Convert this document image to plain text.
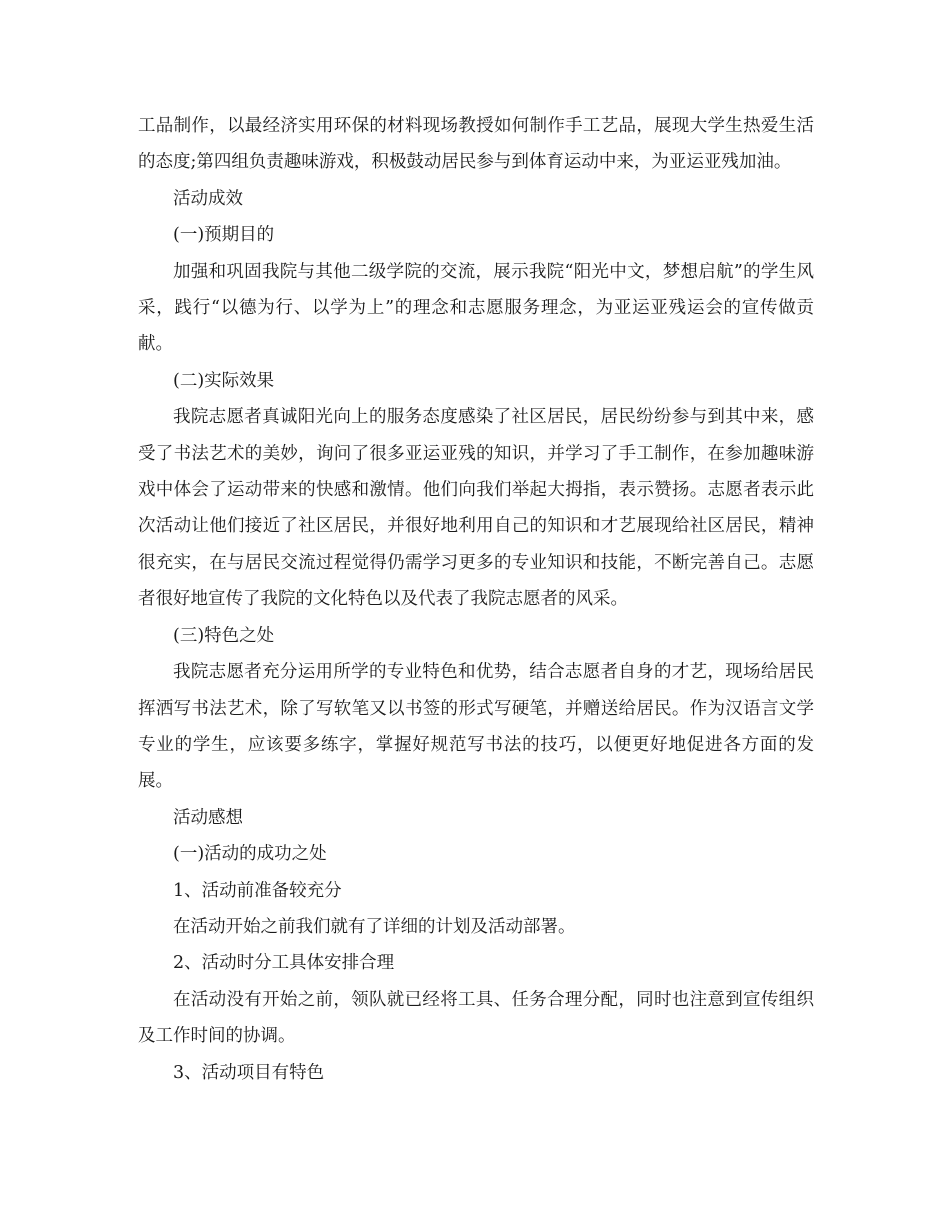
工品制作，以最经济实用环保的材料现场教授如何制作手工艺品，展现大学生热爱生活的态度;第四组负责趣味游戏，积极鼓动居民参与到体育运动中来，为亚运亚残加油。

活动成效

(一)预期目的

加强和巩固我院与其他二级学院的交流，展示我院“阳光中文，梦想启航”的学生风采，践行“以德为行、以学为上”的理念和志愿服务理念，为亚运亚残运会的宣传做贡献。

(二)实际效果

我院志愿者真诚阳光向上的服务态度感染了社区居民，居民纷纷参与到其中来，感受了书法艺术的美妙，询问了很多亚运亚残的知识，并学习了手工制作，在参加趣味游戏中体会了运动带来的快感和激情。他们向我们举起大拇指，表示赞扬。志愿者表示此次活动让他们接近了社区居民，并很好地利用自己的知识和才艺展现给社区居民，精神很充实，在与居民交流过程觉得仍需学习更多的专业知识和技能，不断完善自己。志愿者很好地宣传了我院的文化特色以及代表了我院志愿者的风采。

(三)特色之处

我院志愿者充分运用所学的专业特色和优势，结合志愿者自身的才艺，现场给居民挥洒写书法艺术，除了写软笔又以书签的形式写硬笔，并赠送给居民。作为汉语言文学专业的学生，应该要多练字，掌握好规范写书法的技巧，以便更好地促进各方面的发展。

活动感想

(一)活动的成功之处

1、活动前准备较充分

在活动开始之前我们就有了详细的计划及活动部署。

2、活动时分工具体安排合理

在活动没有开始之前，领队就已经将工具、任务合理分配，同时也注意到宣传组织及工作时间的协调。

3、活动项目有特色
